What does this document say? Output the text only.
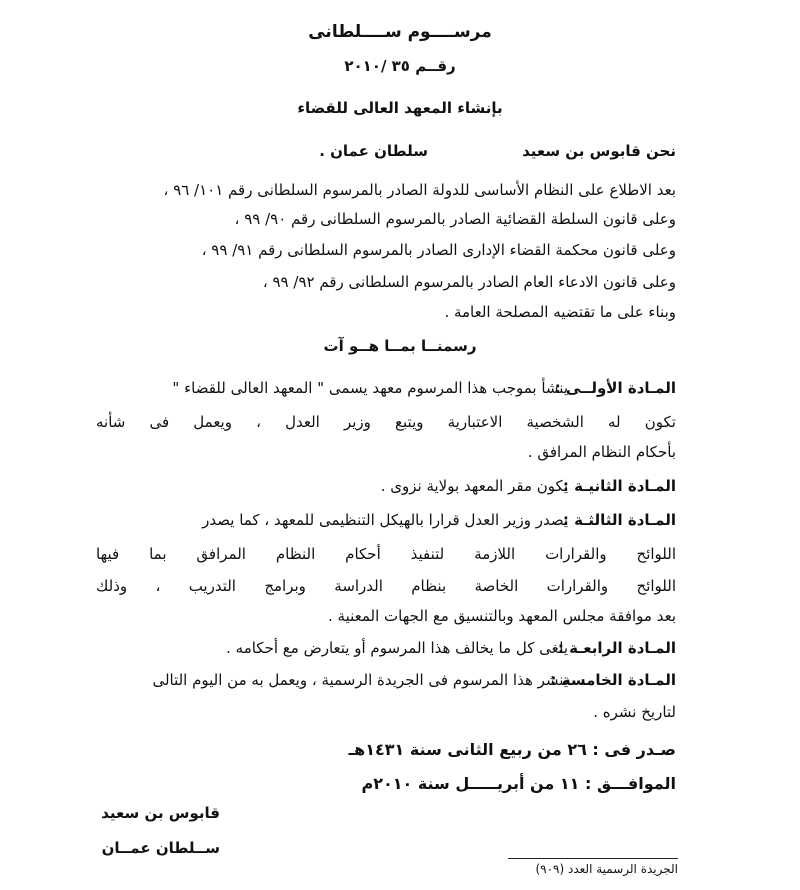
مرســــوم ســــلطانى
رقــم ٣٥ /٢٠١٠
بإنشاء المعهد العالى للقضاء
نحن قابوس بن سعيد
سلطان عمان .
بعد الاطلاع على النظام الأساسى للدولة الصادر بالمرسوم السلطانى رقم ١٠١/ ٩٦ ،
وعلى قانون السلطة القضائية الصادر بالمرسوم السلطانى رقم ٩٠/ ٩٩ ،
وعلى قانون محكمة القضاء الإدارى الصادر بالمرسوم السلطانى رقم ٩١/ ٩٩ ،
وعلى قانون الادعاء العام الصادر بالمرسوم السلطانى رقم ٩٢/ ٩٩ ،
وبناء على ما تقتضيه المصلحة العامة .
رسمنــا بمــا هــو آت
المـادة الأولــى :
ينشأ بموجب هذا المرسوم معهد يسمى " المعهد العالى للقضاء "
تكون له الشخصية الاعتبارية ويتبع وزير العدل ، ويعمل فى شأنه
بأحكام النظام المرافق .
المـادة الثانيـة :
يكون مقر المعهد بولاية نزوى .
المـادة الثالثـة :
يصدر وزير العدل قرارا بالهيكل التنظيمى للمعهد ، كما يصدر
اللوائح والقرارات اللازمة لتنفيذ أحكام النظام المرافق بما فيها
اللوائح والقرارات الخاصة بنظام الدراسة وبرامج التدريب ، وذلك
بعد موافقة مجلس المعهد وبالتنسيق مع الجهات المعنية .
المـادة الرابعـة :
يلغى كل ما يخالف هذا المرسوم أو يتعارض مع أحكامه .
المـادة الخامسة :
ينشر هذا المرسوم فى الجريدة الرسمية ، ويعمل به من اليوم التالى
لتاريخ نشره .
صـدر فى : ٢٦ من ربيع الثانى سنة ١٤٣١هـ
الموافـــق : ١١ من أبريـــــل سنة ٢٠١٠م
قابوس بن سعيد
ســلطان عمــان
الجريدة الرسمية العدد (٩٠٩)
